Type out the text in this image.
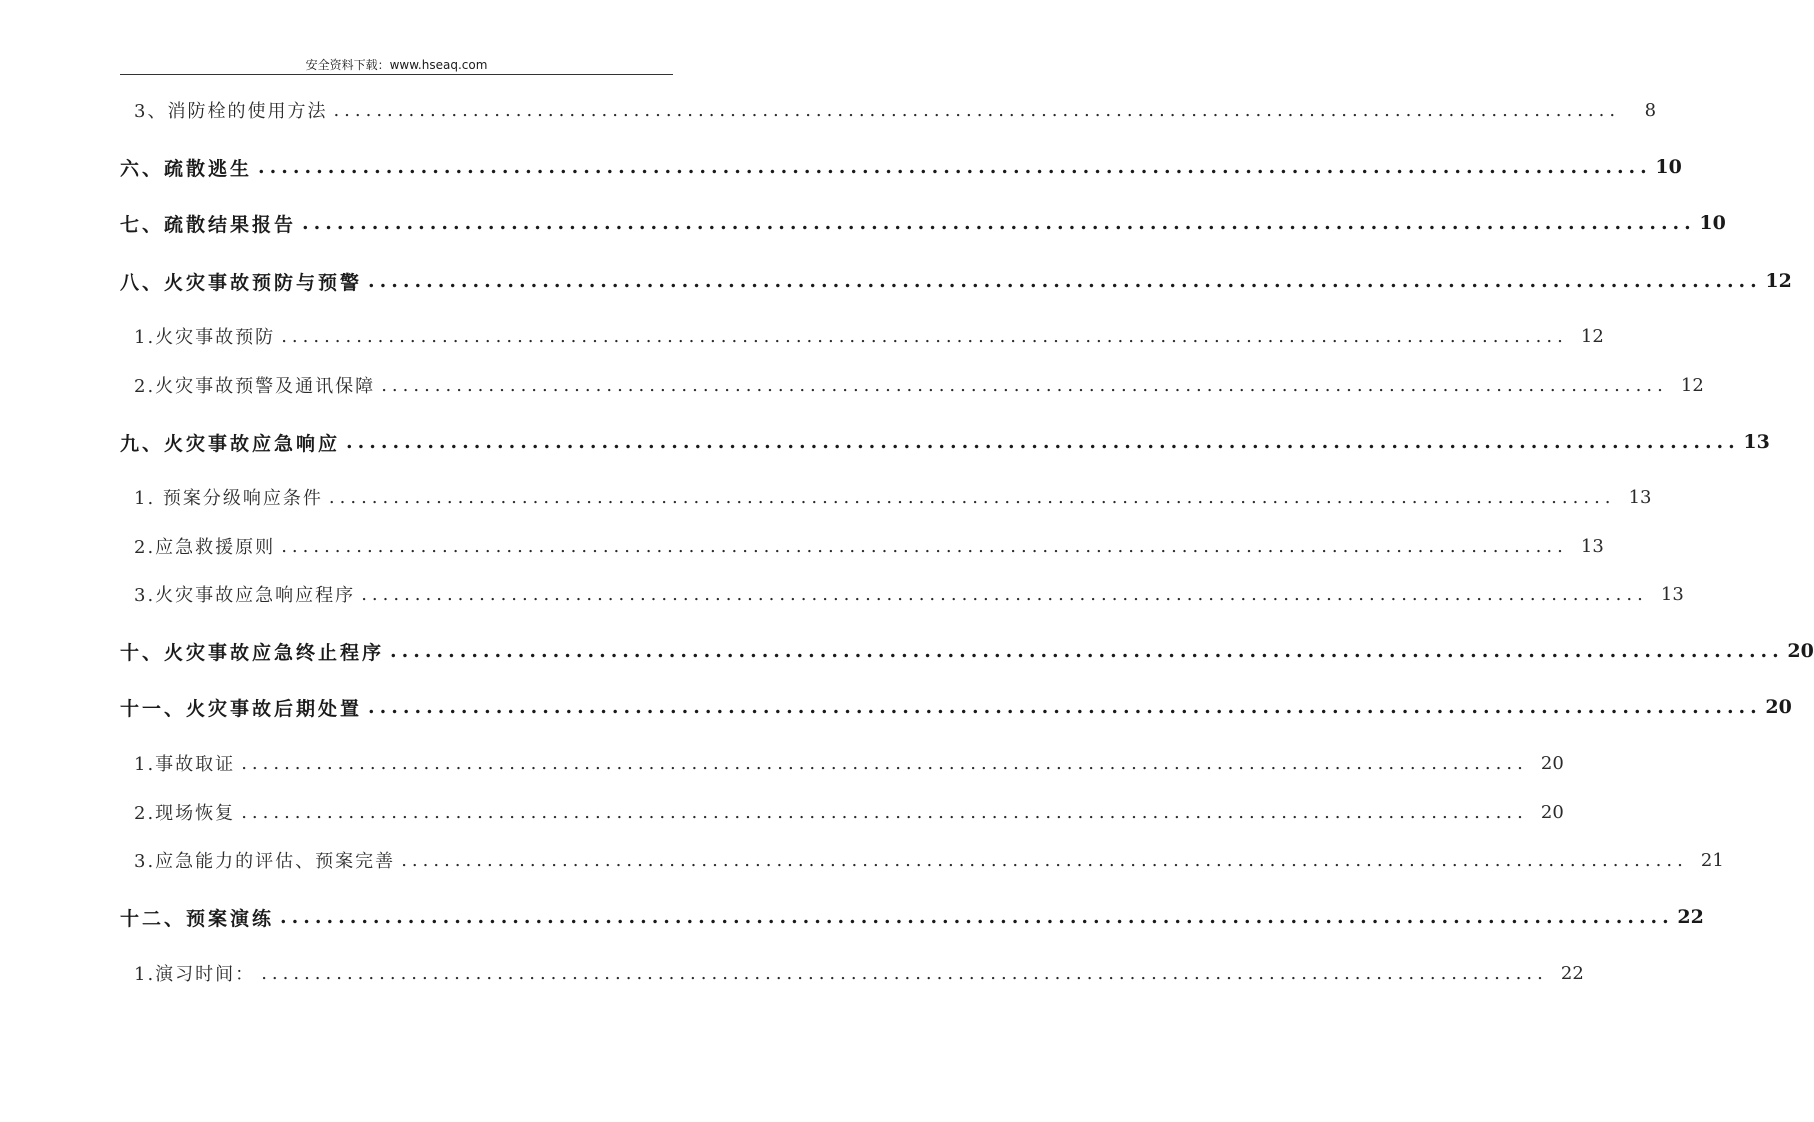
安全资料下载：www.hseaq.com
3、消防栓的使用方法 ........................................................................................................................	8
六、疏散逃生 ........................................................................................................................ 10
七、疏散结果报告 ........................................................................................................................ 10
八、火灾事故预防与预警 ........................................................................................................................ 12
1.火灾事故预防 ........................................................................................................................ 12
2.火灾事故预警及通讯保障 ........................................................................................................................ 12
九、火灾事故应急响应 ........................................................................................................................ 13
1. 预案分级响应条件 ........................................................................................................................ 13
2.应急救援原则 ........................................................................................................................ 13
3.火灾事故应急响应程序 ........................................................................................................................ 13
十、火灾事故应急终止程序 ........................................................................................................................ 20
十一、火灾事故后期处置 ........................................................................................................................ 20
1.事故取证 ........................................................................................................................ 20
2.现场恢复 ........................................................................................................................ 20
3.应急能力的评估、预案完善 ........................................................................................................................ 21
十二、预案演练 ........................................................................................................................ 22
1.演习时间： ........................................................................................................................ 22
